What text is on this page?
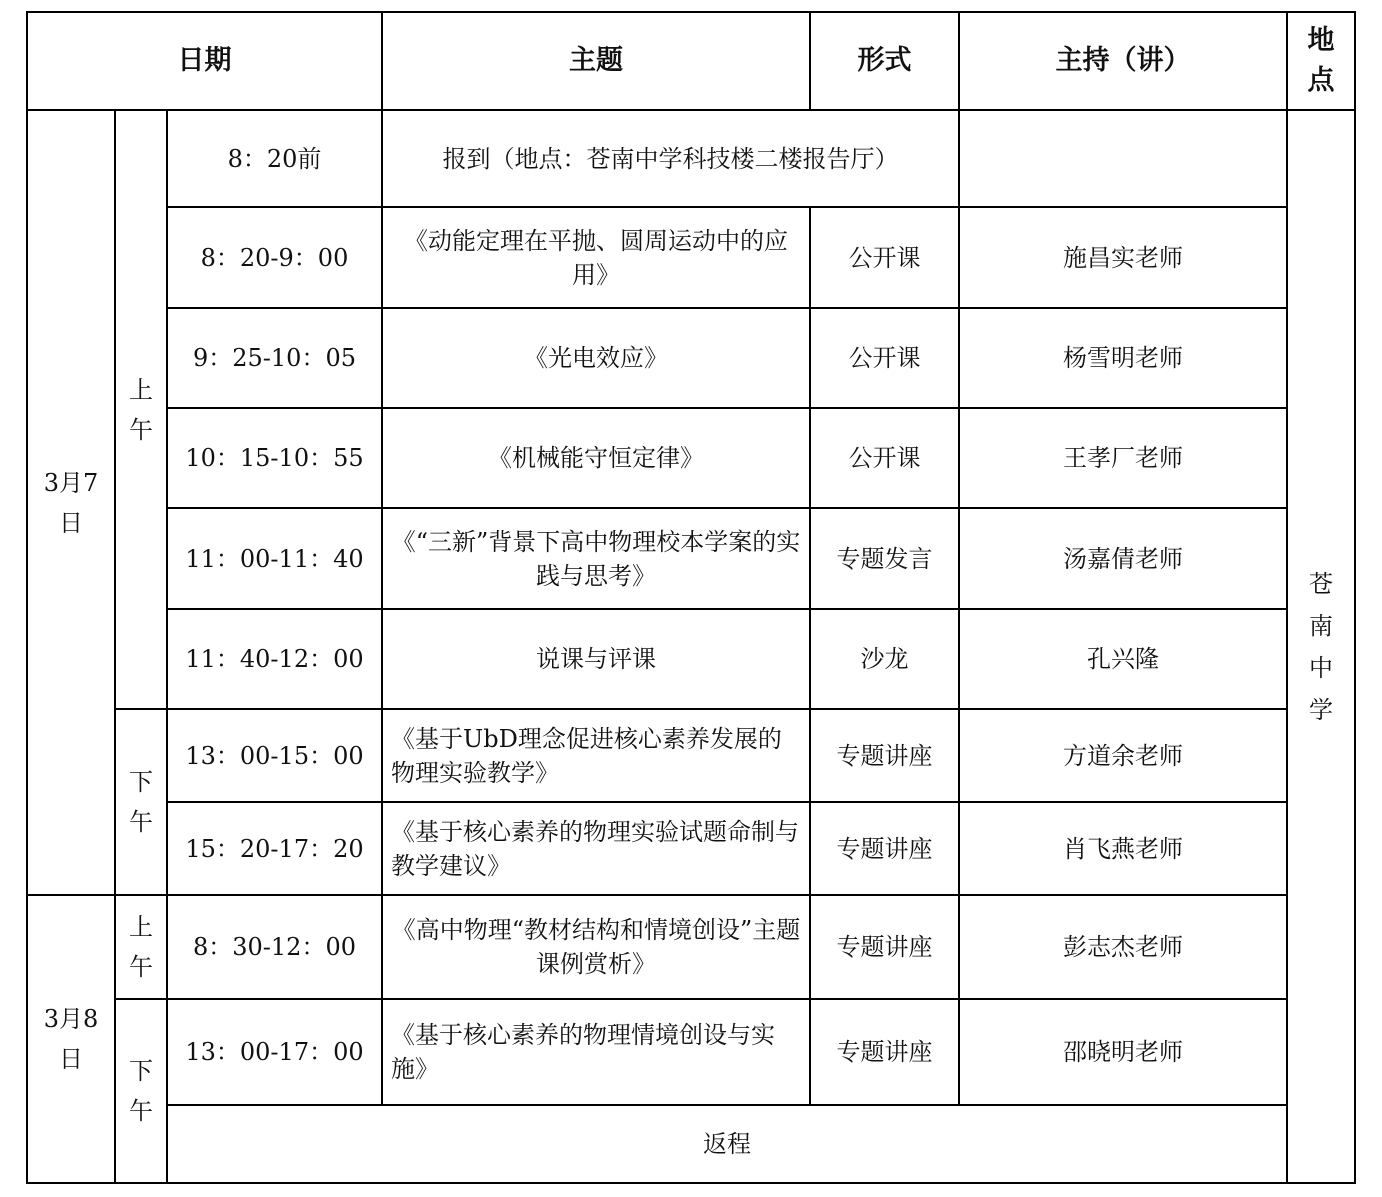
日期			主题	形式	主持（讲）	地点
3月7日	上午	8：20前	报到（地点：苍南中学科技楼二楼报告厅）			苍南中学
		8：20-9：00	《动能定理在平抛、圆周运动中的应用》	公开课	施昌实老师	
		9：25-10：05	《光电效应》	公开课	杨雪明老师	
		10：15-10：55	《机械能守恒定律》	公开课	王孝厂老师	
		11：00-11：40	《“三新”背景下高中物理校本学案的实践与思考》	专题发言	汤嘉倩老师	
		11：40-12：00	说课与评课	沙龙	孔兴隆	
	下午	13：00-15：00	《基于UbD理念促进核心素养发展的物理实验教学》	专题讲座	方道余老师	
		15：20-17：20	《基于核心素养的物理实验试题命制与教学建议》	专题讲座	肖飞燕老师	
3月8日	上午	8：30-12：00	《高中物理“教材结构和情境创设”主题课例赏析》	专题讲座	彭志杰老师	
	下午	13：00-17：00	《基于核心素养的物理情境创设与实施》	专题讲座	邵晓明老师	
		返程				
